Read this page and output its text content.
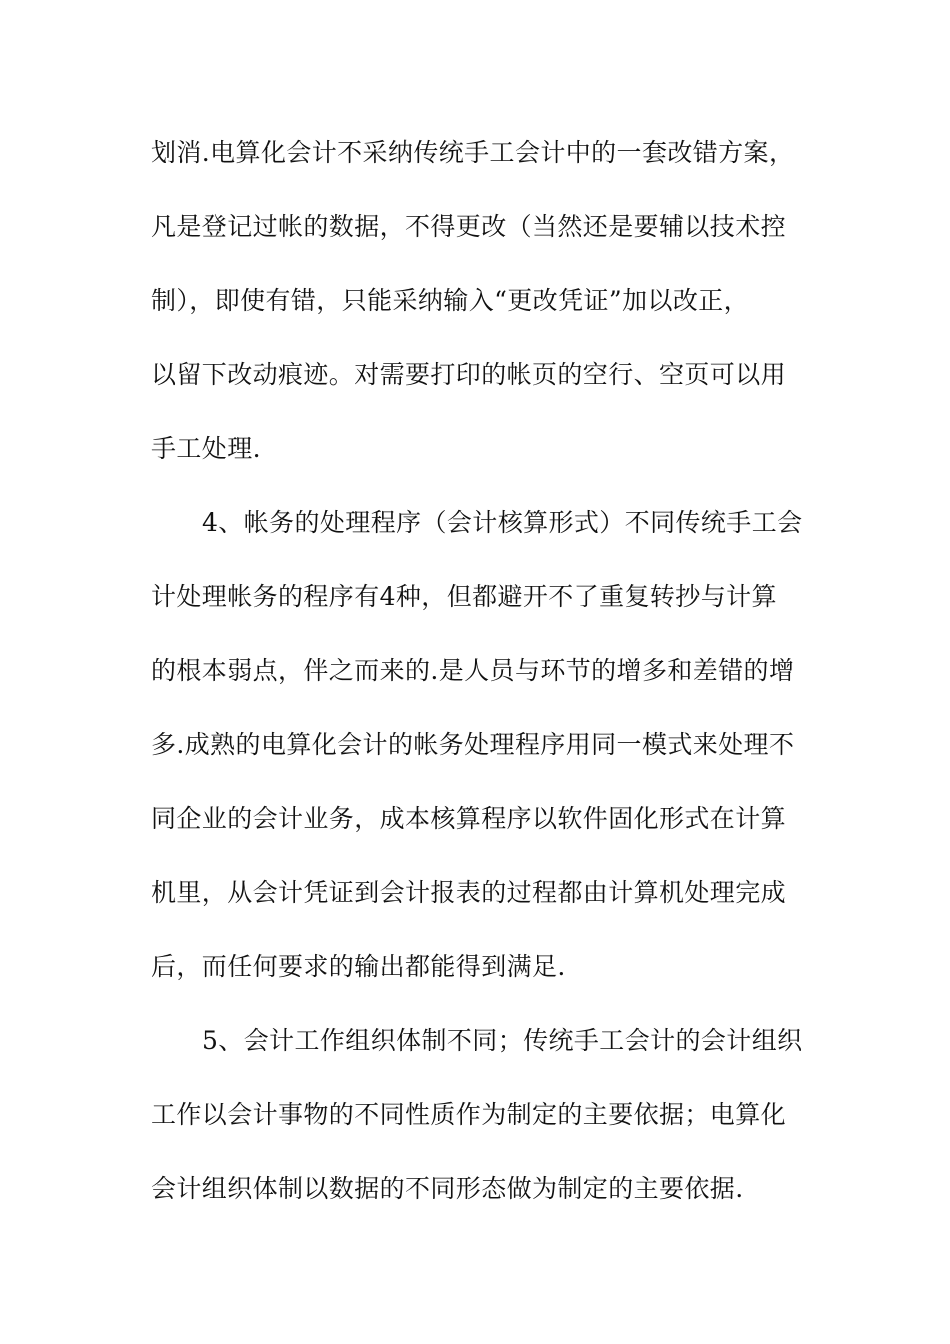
划消.电算化会计不采纳传统手工会计中的一套改错方案，
凡是登记过帐的数据，不得更改（当然还是要辅以技术控
制），即使有错，只能采纳输入“更改凭证”加以改正，
以留下改动痕迹。对需要打印的帐页的空行、空页可以用
手工处理.
4、帐务的处理程序（会计核算形式）不同传统手工会
计处理帐务的程序有4种，但都避开不了重复转抄与计算
的根本弱点，伴之而来的.是人员与环节的增多和差错的增
多.成熟的电算化会计的帐务处理程序用同一模式来处理不
同企业的会计业务，成本核算程序以软件固化形式在计算
机里，从会计凭证到会计报表的过程都由计算机处理完成
后，而任何要求的输出都能得到满足.
5、会计工作组织体制不同；传统手工会计的会计组织
工作以会计事物的不同性质作为制定的主要依据；电算化
会计组织体制以数据的不同形态做为制定的主要依据.
